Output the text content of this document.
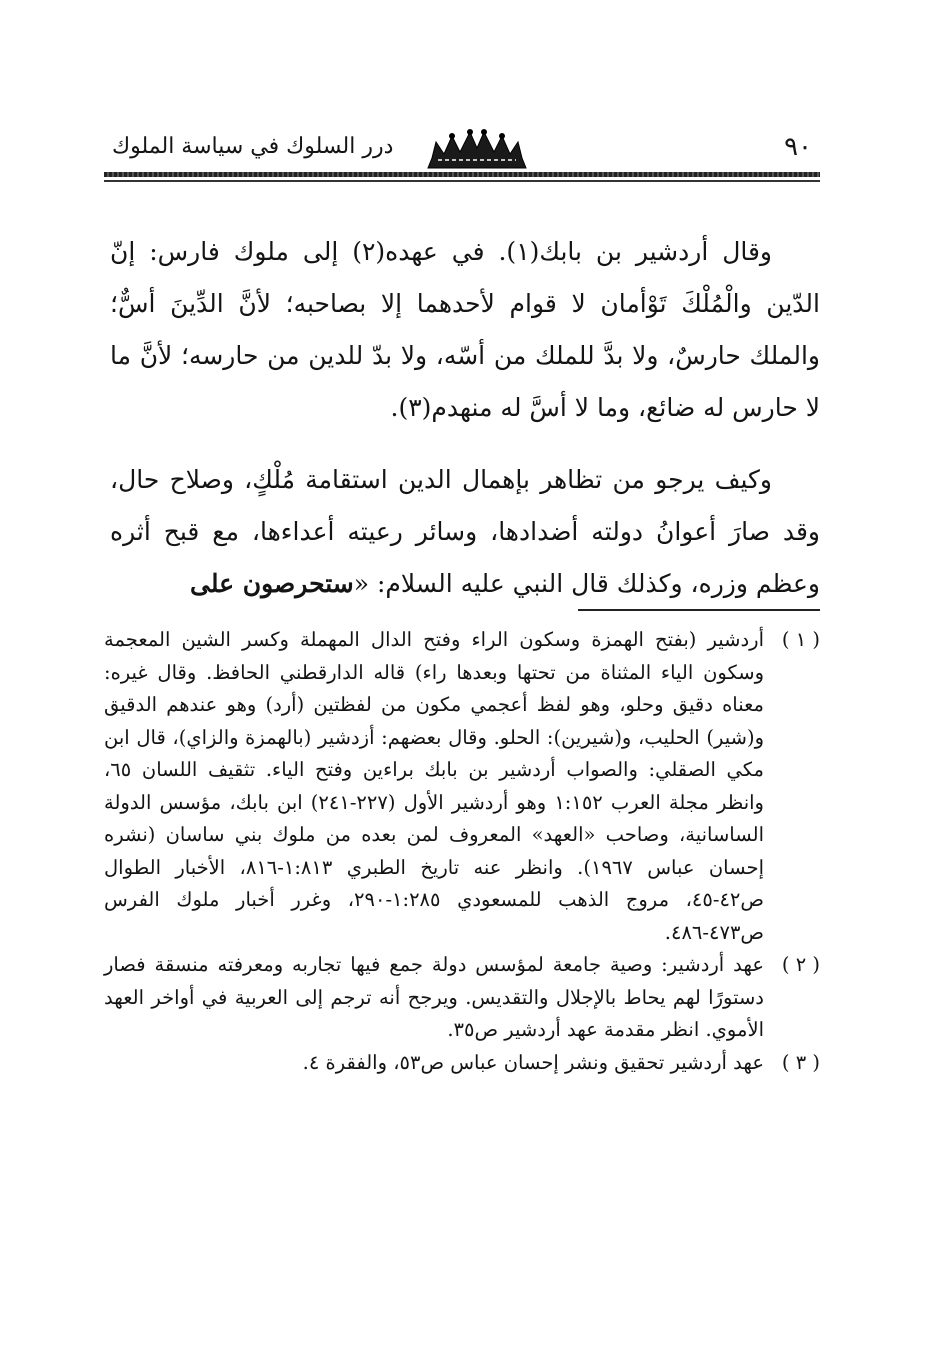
٩٠
درر السلوك في سياسة الملوك

وقال أردشير بن بابك(١). في عهده(٢) إلى ملوك فارس: إنّ الدّين والْمُلْكَ تَوْأمان لا قوام لأحدهما إلا بصاحبه؛ لأنَّ الدِّينَ أسٌّ؛ والملك حارسٌ، ولا بدَّ للملك من أسّه، ولا بدّ للدين من حارسه؛ لأنَّ ما لا حارس له ضائع، وما لا أسَّ له منهدم(٣).

وكيف يرجو من تظاهر بإهمال الدين استقامة مُلْكٍ، وصلاح حال، وقد صارَ أعوانُ دولته أضدادها، وسائر رعيته أعداءها، مع قبح أثره وعظم وزره، وكذلك قال النبي عليه السلام: «ستحرصون على

( ١ )
أردشير (بفتح الهمزة وسكون الراء وفتح الدال المهملة وكسر الشين المعجمة وسكون الياء المثناة من تحتها وبعدها راء) قاله الدارقطني الحافظ. وقال غيره: معناه دقيق وحلو، وهو لفظ أعجمي مكون من لفظتين (أرد) وهو عندهم الدقيق و(شير) الحليب، و(شيرين): الحلو. وقال بعضهم: أزدشير (بالهمزة والزاي)، قال ابن مكي الصقلي: والصواب أردشير بن بابك براءين وفتح الياء. تثقيف اللسان ٦٥، وانظر مجلة العرب ١:١٥٢ وهو أردشير الأول (٢٢٧-٢٤١) ابن بابك، مؤسس الدولة الساسانية، وصاحب «العهد» المعروف لمن بعده من ملوك بني ساسان (نشره إحسان عباس ١٩٦٧). وانظر عنه تاريخ الطبري ١:٨١٣-٨١٦، الأخبار الطوال ص٤٢-٤٥، مروج الذهب للمسعودي ١:٢٨٥-٢٩٠، وغرر أخبار ملوك الفرس ص٤٧٣-٤٨٦.
( ٢ )
عهد أردشير: وصية جامعة لمؤسس دولة جمع فيها تجاربه ومعرفته منسقة فصار دستورًا لهم يحاط بالإجلال والتقديس. ويرجح أنه ترجم إلى العربية في أواخر العهد الأموي. انظر مقدمة عهد أردشير ص٣٥.
( ٣ )
عهد أردشير تحقيق ونشر إحسان عباس ص٥٣، والفقرة ٤.
